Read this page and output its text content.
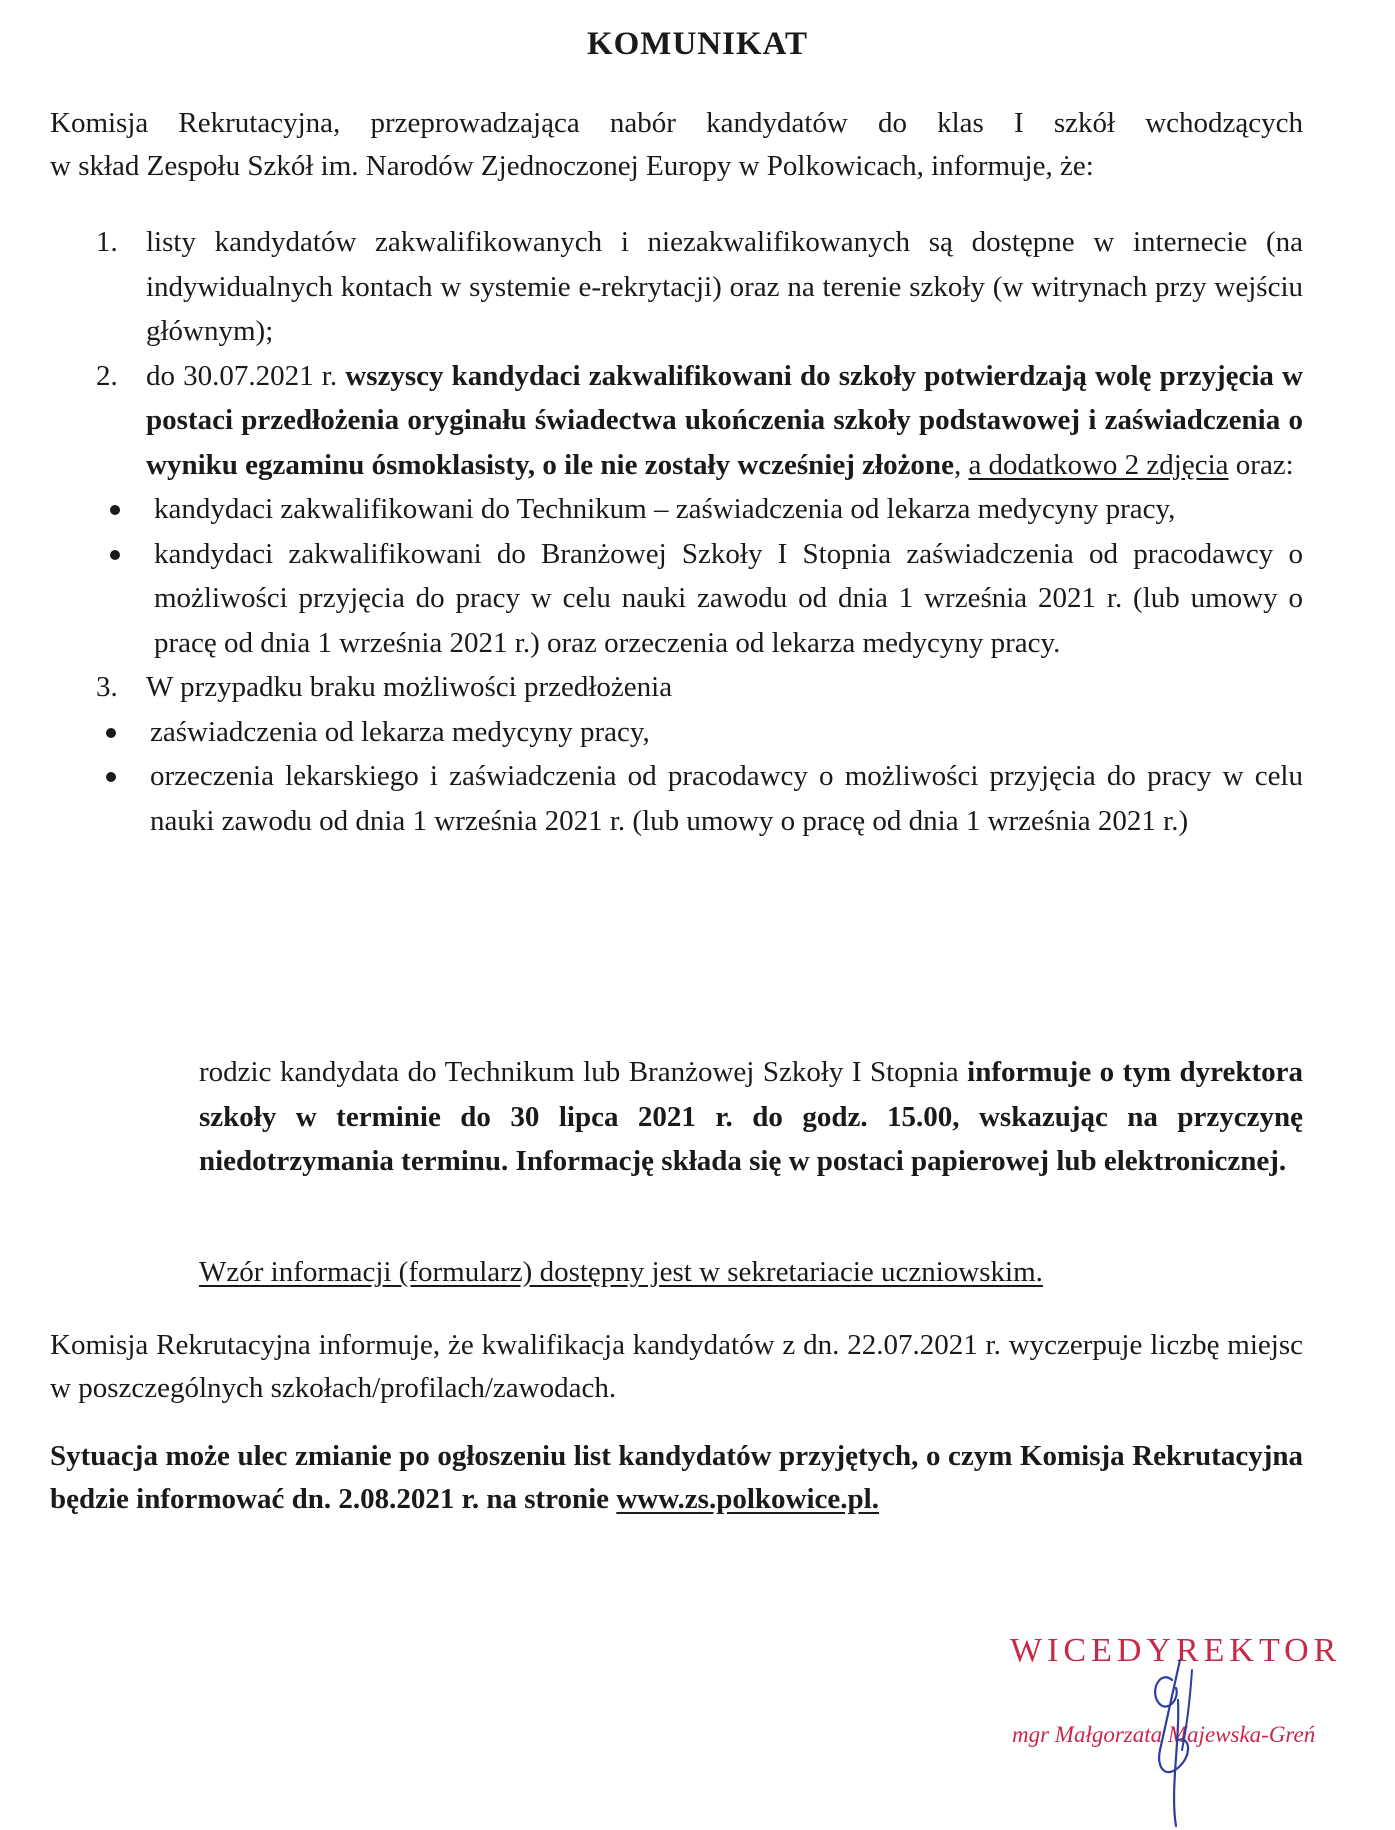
KOMUNIKAT
Komisja Rekrutacyjna, przeprowadzająca nabór kandydatów do klas I szkół wchodzących
w skład Zespołu Szkół im. Narodów Zjednoczonej Europy w Polkowicach, informuje, że:
1. listy kandydatów zakwalifikowanych i niezakwalifikowanych są dostępne w internecie (na indywidualnych kontach w systemie e-rekrytacji) oraz na terenie szkoły (w witrynach przy wejściu głównym);
2. do 30.07.2021 r. wszyscy kandydaci zakwalifikowani do szkoły potwierdzają wolę przyjęcia w postaci przedłożenia oryginału świadectwa ukończenia szkoły podstawowej i zaświadczenia o wyniku egzaminu ósmoklasisty, o ile nie zostały wcześniej złożone, a dodatkowo 2 zdjęcia oraz:
kandydaci zakwalifikowani do Technikum – zaświadczenia od lekarza medycyny pracy,
kandydaci zakwalifikowani do Branżowej Szkoły I Stopnia zaświadczenia od pracodawcy o możliwości przyjęcia do pracy w celu nauki zawodu od dnia 1 września 2021 r. (lub umowy o pracę od dnia 1 września 2021 r.) oraz orzeczenia od lekarza medycyny pracy.
3. W przypadku braku możliwości przedłożenia
zaświadczenia od lekarza medycyny pracy,
orzeczenia lekarskiego i zaświadczenia od pracodawcy o możliwości przyjęcia do pracy w celu nauki zawodu od dnia 1 września 2021 r. (lub umowy o pracę od dnia 1 września 2021 r.)
rodzic kandydata do Technikum lub Branżowej Szkoły I Stopnia informuje o tym dyrektora szkoły w terminie do 30 lipca 2021 r. do godz. 15.00, wskazując na przyczynę niedotrzymania terminu. Informację składa się w postaci papierowej lub elektronicznej.
Wzór informacji (formularz) dostępny jest w sekretariacie uczniowskim.
Komisja Rekrutacyjna informuje, że kwalifikacja kandydatów z dn. 22.07.2021 r. wyczerpuje liczbę miejsc w poszczególnych szkołach/profilach/zawodach.
Sytuacja może ulec zmianie po ogłoszeniu list kandydatów przyjętych, o czym Komisja Rekrutacyjna będzie informować dn. 2.08.2021 r. na stronie www.zs.polkowice.pl.
WICEDYREKTOR
mgr Małgorzata Majewska-Greń
